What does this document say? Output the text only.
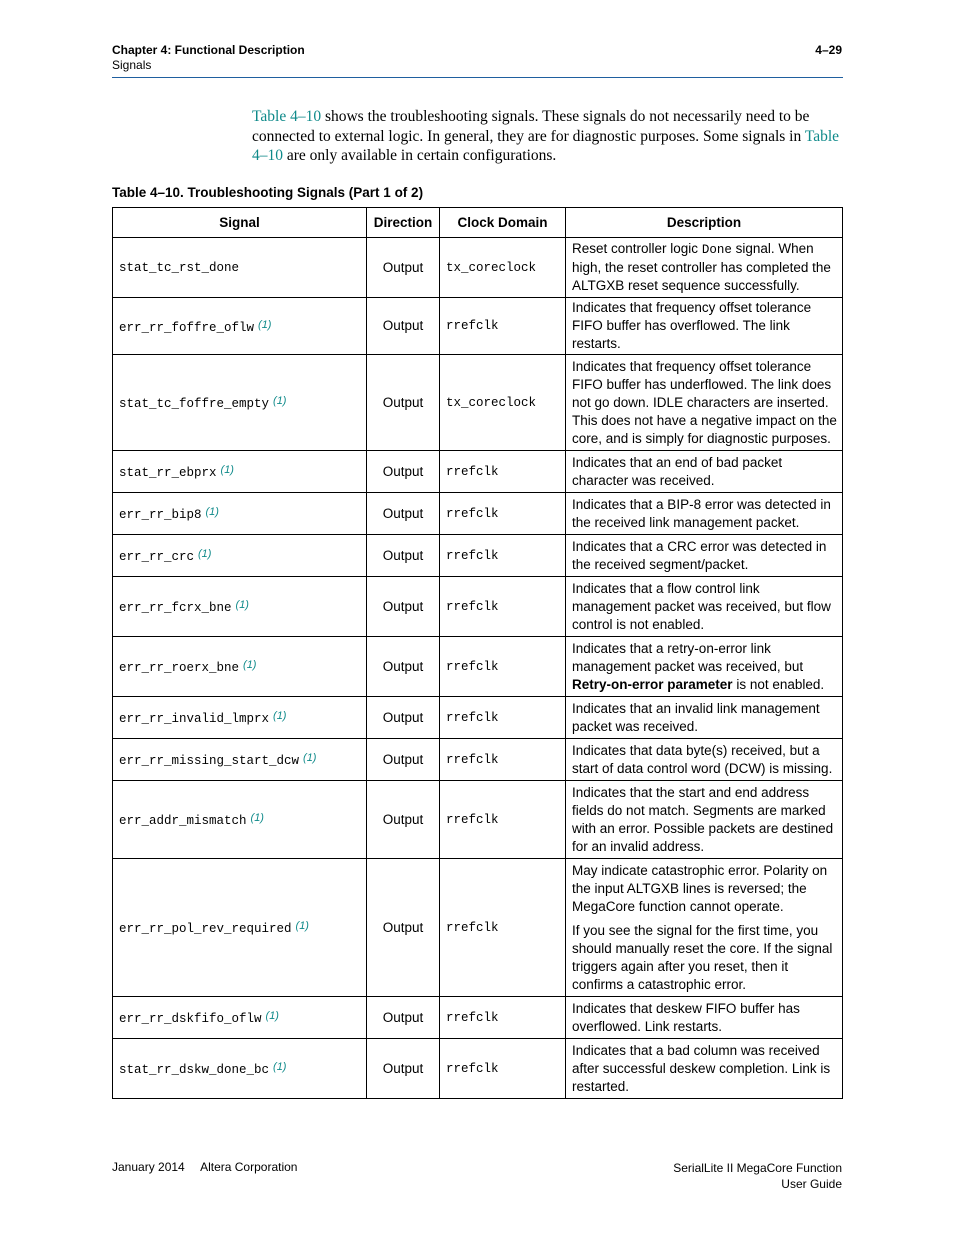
Chapter 4: Functional Description
Signals
4–29
Table 4–10 shows the troubleshooting signals. These signals do not necessarily need to be connected to external logic. In general, they are for diagnostic purposes. Some signals in Table 4–10 are only available in certain configurations.
Table 4–10. Troubleshooting Signals (Part 1 of 2)
Signal	Direction	Clock Domain	Description
stat_tc_rst_done	Output	tx_coreclock	Reset controller logic Done signal. When high, the reset controller has completed the ALTGXB reset sequence successfully.
err_rr_foffre_oflw (1)	Output	rrefclk	Indicates that frequency offset tolerance FIFO buffer has overflowed. The link restarts.

stat_tc_foffre_empty (1)	Output	tx_coreclock	Indicates that frequency offset tolerance FIFO buffer has underflowed. The link does not go down. IDLE characters are inserted. This does not have a negative impact on the core, and is simply for diagnostic purposes.

stat_rr_ebprx (1)	Output	rrefclk	Indicates that an end of bad packet character was received.

err_rr_bip8 (1)	Output	rrefclk	Indicates that a BIP-8 error was detected in the received link management packet.

err_rr_crc (1)	Output	rrefclk	Indicates that a CRC error was detected in the received segment/packet.

err_rr_fcrx_bne (1)	Output	rrefclk	Indicates that a flow control link management packet was received, but flow control is not enabled.

err_rr_roerx_bne (1)	Output	rrefclk	Indicates that a retry-on-error link management packet was received, but Retry-on-error parameter is not enabled.
err_rr_invalid_lmprx (1)	Output	rrefclk	Indicates that an invalid link management packet was received.

err_rr_missing_start_dcw (1)	Output	rrefclk	Indicates that data byte(s) received, but a start of data control word (DCW) is missing.

err_addr_mismatch (1)	Output	rrefclk	Indicates that the start and end address fields do not match. Segments are marked with an error. Possible packets are destined for an invalid address.

err_rr_pol_rev_required (1)	Output	rrefclk	May indicate catastrophic error. Polarity on the input ALTGXB lines is reversed; the MegaCore function cannot operate.
If you see the signal for the first time, you should manually reset the core. If the signal triggers again after you reset, then it confirms a catastrophic error.

err_rr_dskfifo_oflw (1)	Output	rrefclk	Indicates that deskew FIFO buffer has overflowed. Link restarts.

stat_rr_dskw_done_bc (1)	Output	rrefclk	Indicates that a bad column was received after successful deskew completion. Link is restarted.
January 2014 Altera Corporation	SerialLite II MegaCore Function
User Guide
